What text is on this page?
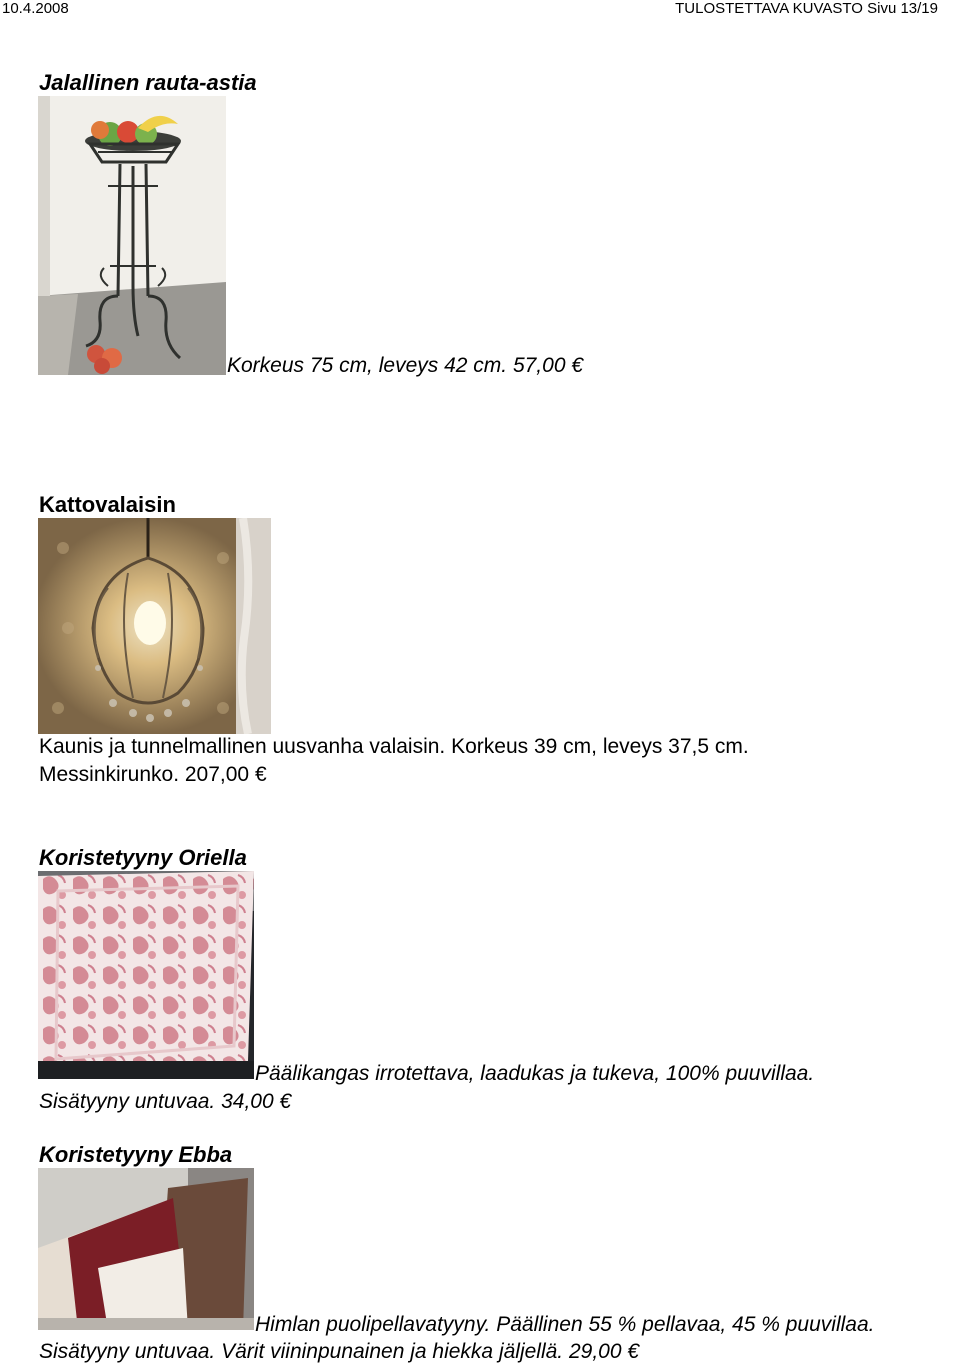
10.4.2008	TULOSTETTAVA KUVASTO Sivu 13/19
Jalallinen rauta-astia
Korkeus 75 cm, leveys 42 cm. 57,00 €
Kattovalaisin
Kaunis ja tunnelmallinen uusvanha valaisin. Korkeus 39 cm, leveys 37,5 cm.
Messinkirunko. 207,00 €
Koristetyyny Oriella
Päälikangas irrotettava, laadukas ja tukeva, 100% puuvillaa.
Sisätyyny untuvaa. 34,00 €
Koristetyyny Ebba
Himlan puolipellavatyyny. Päällinen 55 % pellavaa, 45 % puuvillaa.
Sisätyyny untuvaa. Värit viininpunainen ja hiekka jäljellä. 29,00 €
